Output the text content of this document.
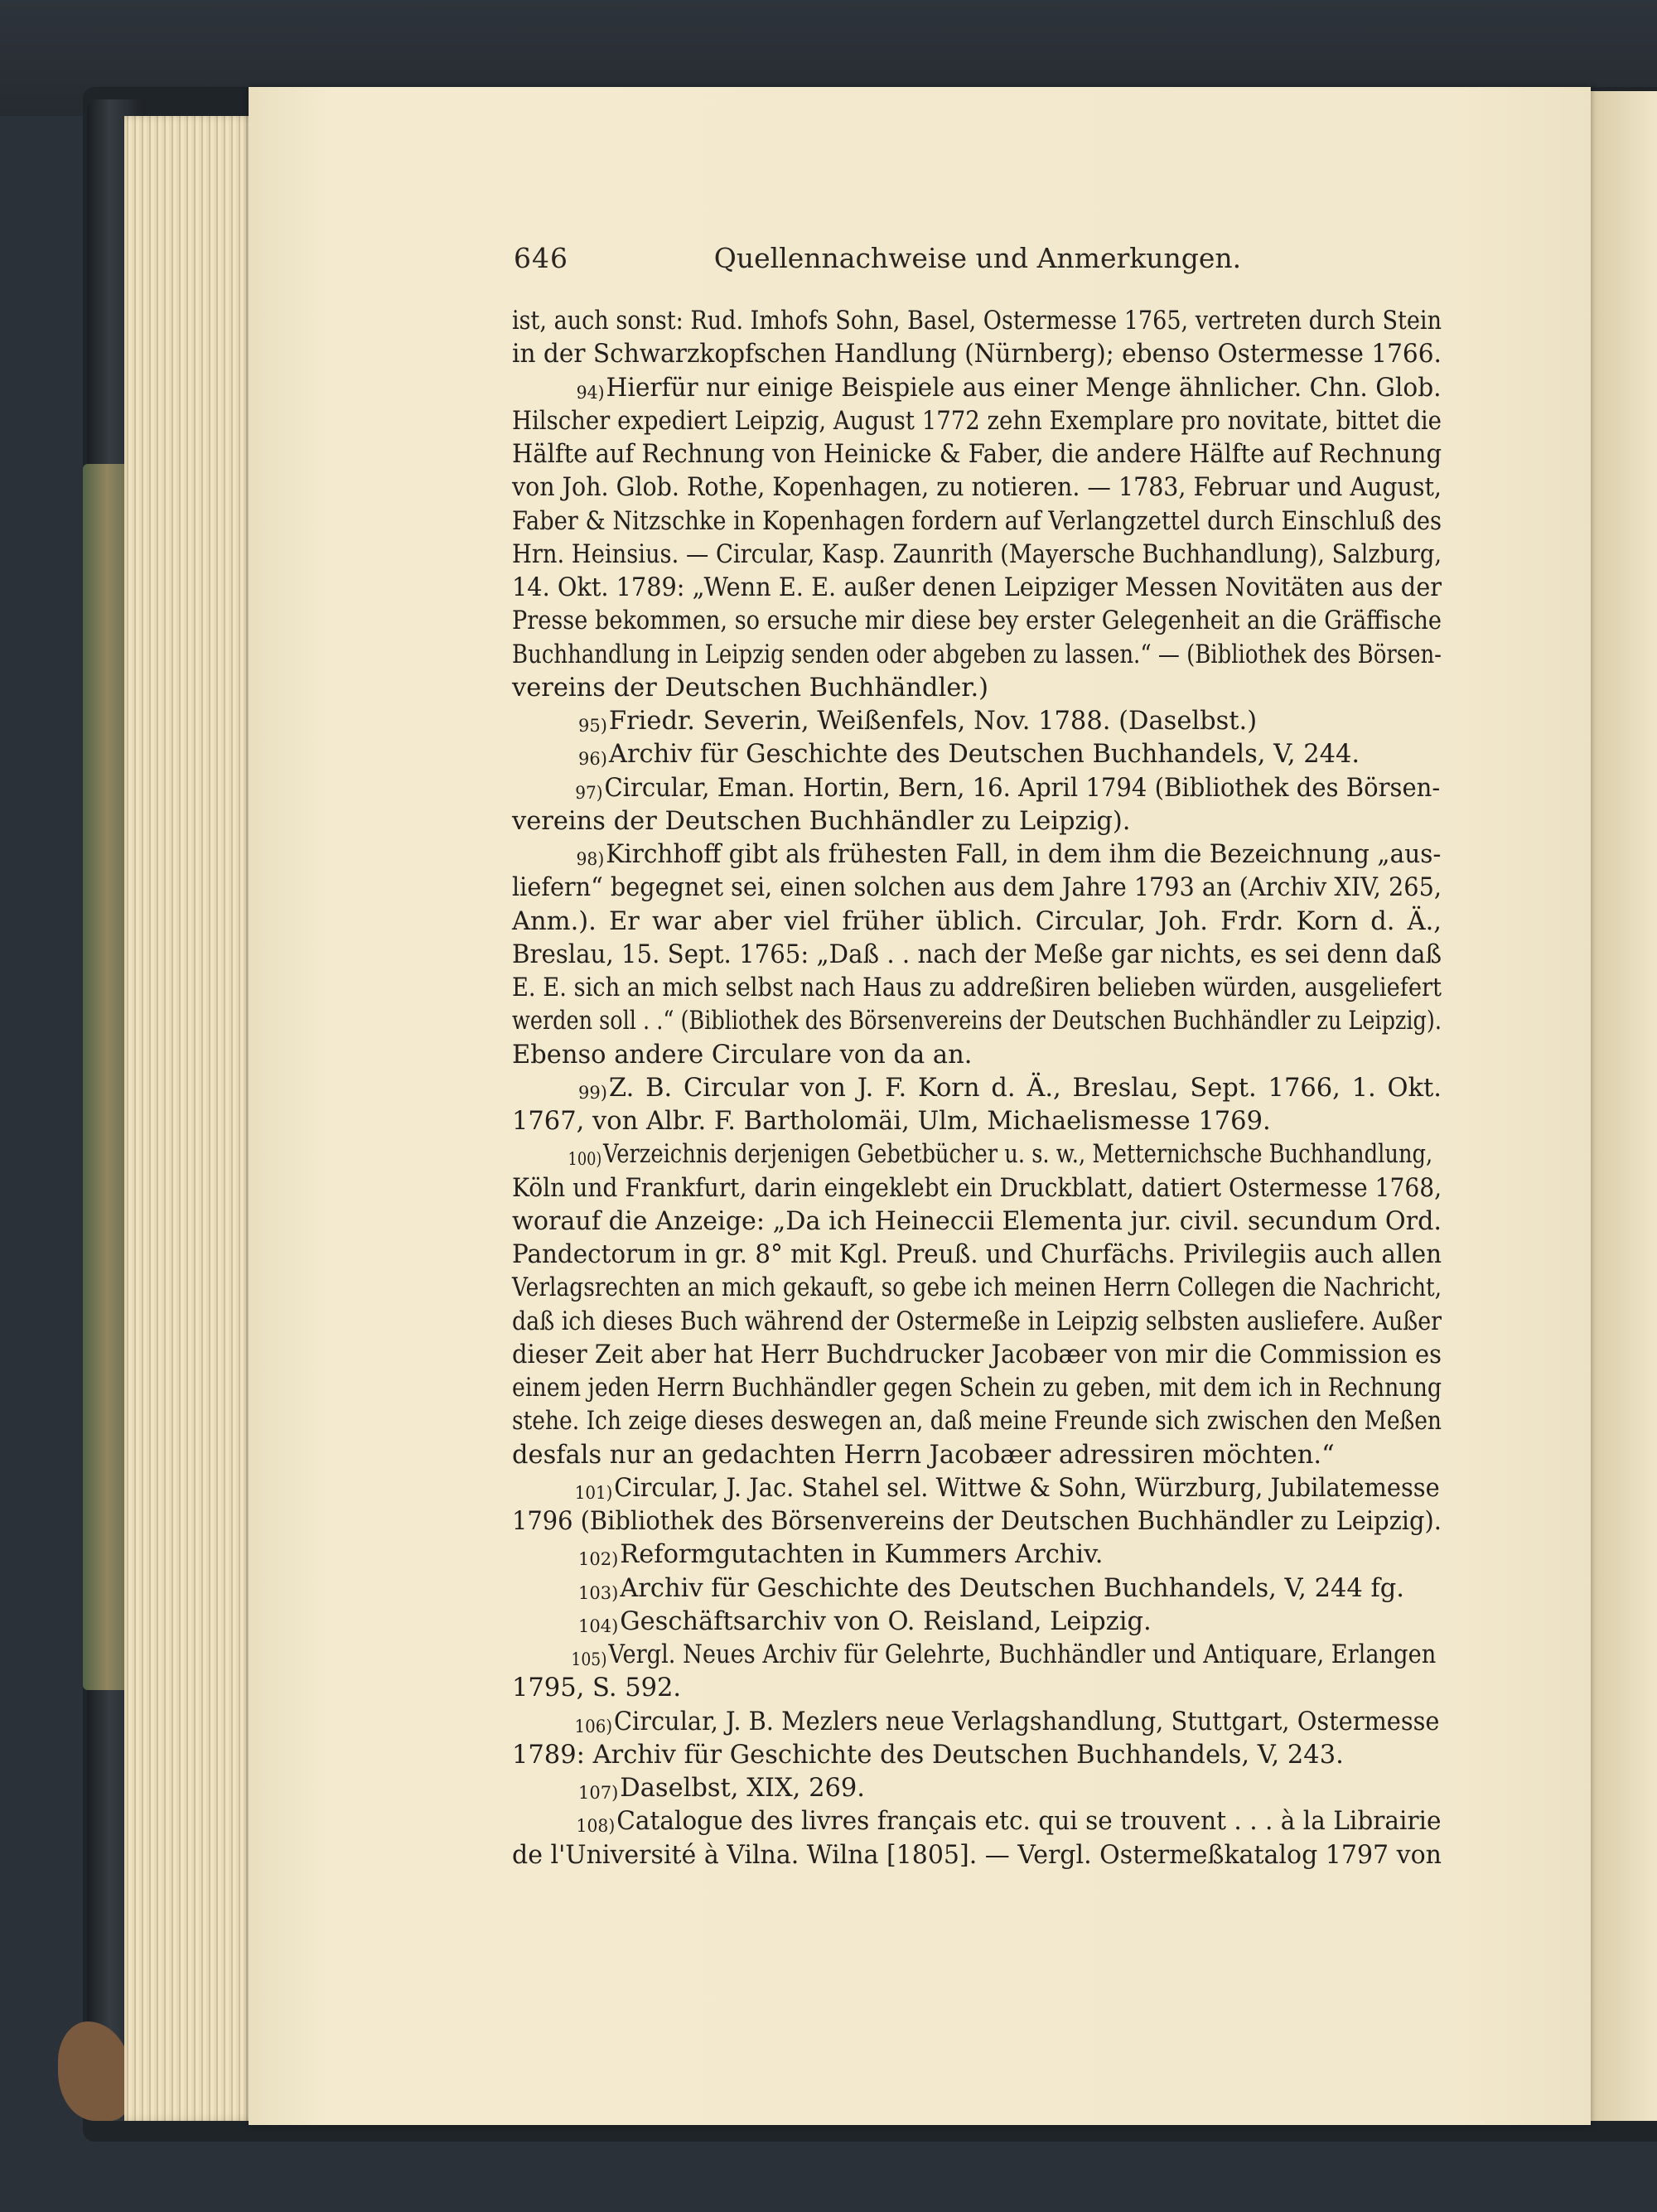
646	Quellennachweise und Anmerkungen.
ist, auch sonst: Rud. Imhofs Sohn, Basel, Ostermesse 1765, vertreten durch Stein
in der Schwarzkopfschen Handlung (Nürnberg); ebenso Ostermesse 1766.
94)Hierfür nur einige Beispiele aus einer Menge ähnlicher. Chn. Glob.
Hilscher expediert Leipzig, August 1772 zehn Exemplare pro novitate, bittet die
Hälfte auf Rechnung von Heinicke & Faber, die andere Hälfte auf Rechnung
von Joh. Glob. Rothe, Kopenhagen, zu notieren. — 1783, Februar und August,
Faber & Nitzschke in Kopenhagen fordern auf Verlangzettel durch Einschluß des
Hrn. Heinsius. — Circular, Kasp. Zaunrith (Mayersche Buchhandlung), Salzburg,
14. Okt. 1789: „Wenn E. E. außer denen Leipziger Messen Novitäten aus der
Presse bekommen, so ersuche mir diese bey erster Gelegenheit an die Gräffische
Buchhandlung in Leipzig senden oder abgeben zu lassen.“ — (Bibliothek des Börsen-
vereins der Deutschen Buchhändler.)
95)Friedr. Severin, Weißenfels, Nov. 1788. (Daselbst.)
96)Archiv für Geschichte des Deutschen Buchhandels, V, 244.
97)Circular, Eman. Hortin, Bern, 16. April 1794 (Bibliothek des Börsen-
vereins der Deutschen Buchhändler zu Leipzig).
98)Kirchhoff gibt als frühesten Fall, in dem ihm die Bezeichnung „aus-
liefern“ begegnet sei, einen solchen aus dem Jahre 1793 an (Archiv XIV, 265,
Anm.). Er war aber viel früher üblich. Circular, Joh. Frdr. Korn d. Ä.,
Breslau, 15. Sept. 1765: „Daß . . nach der Meße gar nichts, es sei denn daß
E. E. sich an mich selbst nach Haus zu addreßiren belieben würden, ausgeliefert
werden soll . .“ (Bibliothek des Börsenvereins der Deutschen Buchhändler zu Leipzig).
Ebenso andere Circulare von da an.
99)Z. B. Circular von J. F. Korn d. Ä., Breslau, Sept. 1766, 1. Okt.
1767, von Albr. F. Bartholomäi, Ulm, Michaelismesse 1769.
100)Verzeichnis derjenigen Gebetbücher u. s. w., Metternichsche Buchhandlung,
Köln und Frankfurt, darin eingeklebt ein Druckblatt, datiert Ostermesse 1768,
worauf die Anzeige: „Da ich Heineccii Elementa jur. civil. secundum Ord.
Pandectorum in gr. 8° mit Kgl. Preuß. und Churfächs. Privilegiis auch allen
Verlagsrechten an mich gekauft, so gebe ich meinen Herrn Collegen die Nachricht,
daß ich dieses Buch während der Ostermeße in Leipzig selbsten ausliefere. Außer
dieser Zeit aber hat Herr Buchdrucker Jacobæer von mir die Commission es
einem jeden Herrn Buchhändler gegen Schein zu geben, mit dem ich in Rechnung
stehe. Ich zeige dieses deswegen an, daß meine Freunde sich zwischen den Meßen
desfals nur an gedachten Herrn Jacobæer adressiren möchten.“
101)Circular, J. Jac. Stahel sel. Wittwe & Sohn, Würzburg, Jubilatemesse
1796 (Bibliothek des Börsenvereins der Deutschen Buchhändler zu Leipzig).
102)Reformgutachten in Kummers Archiv.
103)Archiv für Geschichte des Deutschen Buchhandels, V, 244 fg.
104)Geschäftsarchiv von O. Reisland, Leipzig.
105)Vergl. Neues Archiv für Gelehrte, Buchhändler und Antiquare, Erlangen
1795, S. 592.
106)Circular, J. B. Mezlers neue Verlagshandlung, Stuttgart, Ostermesse
1789: Archiv für Geschichte des Deutschen Buchhandels, V, 243.
107)Daselbst, XIX, 269.
108)Catalogue des livres français etc. qui se trouvent . . . à la Librairie
de l'Université à Vilna. Wilna [1805]. — Vergl. Ostermeßkatalog 1797 von
